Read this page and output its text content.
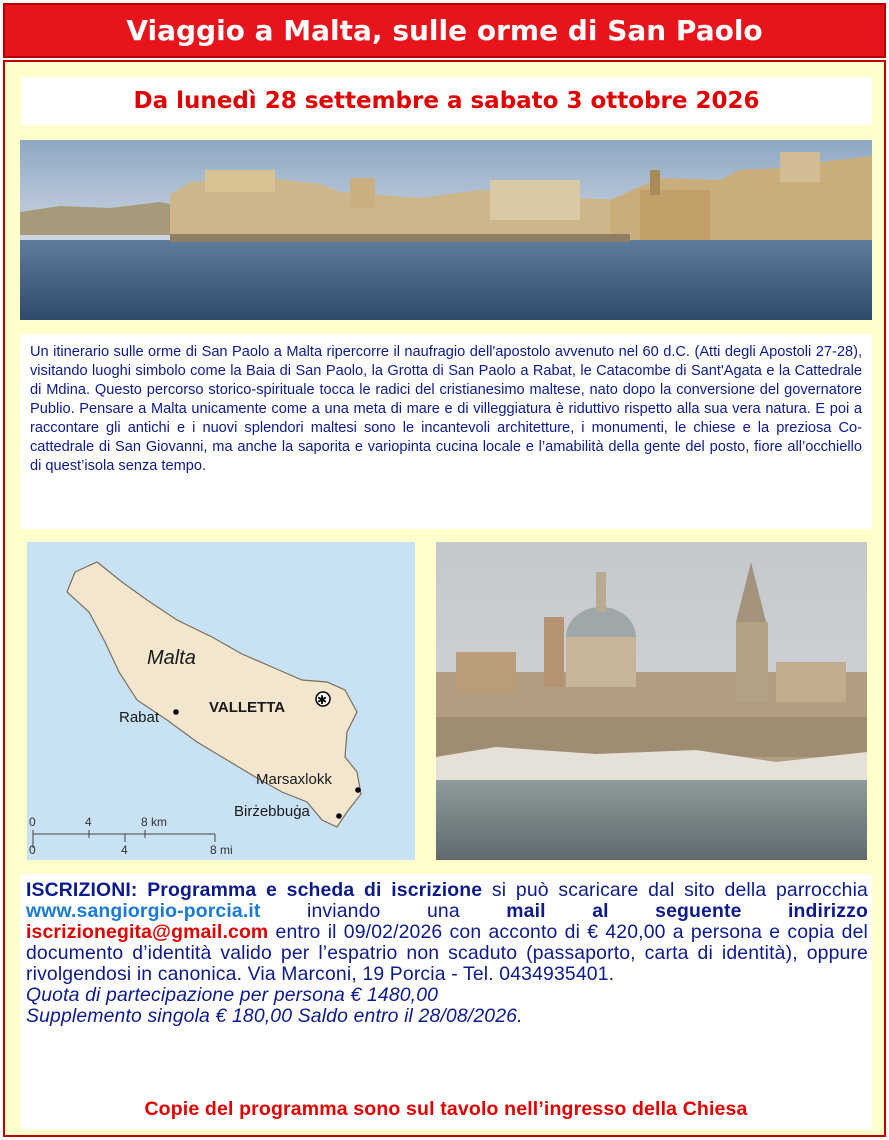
Viaggio a Malta, sulle orme di San Paolo
Da lunedì 28 settembre a sabato 3 ottobre 2026
Un itinerario sulle orme di San Paolo a Malta ripercorre il naufragio dell'apostolo avvenuto nel 60 d.C. (Atti degli Apostoli 27-28), visitando luoghi simbolo come la Baia di San Paolo, la Grotta di San Paolo a Rabat, le Catacombe di Sant'Agata e la Cattedrale di Mdina. Questo percorso storico-spirituale tocca le radici del cristianesimo maltese, nato dopo la conversione del governatore Publio. Pensare a Malta unicamente come a una meta di mare e di villeggiatura è riduttivo rispetto alla sua vera natura. E poi a raccontare gli antichi e i nuovi splendori maltesi sono le incantevoli architetture, i monumenti, le chiese e la preziosa Co-cattedrale di San Giovanni, ma anche la saporita e variopinta cucina locale e l’amabilità della gente del posto, fiore all’occhiello di quest’isola senza tempo.
Malta
Rabat
VALLETTA	✱
Marsaxlokk
Birżebbuġa
0	4	8 km
0	4	8 mi

ISCRIZIONI: Programma e scheda di iscrizione si può scaricare dal sito della parrocchia www.sangiorgio-porcia.it inviando una mail al seguente indirizzo iscrizionegita@gmail.com entro il 09/02/2026 con acconto di € 420,00 a persona e copia del documento d’identità valido per l’espatrio non scaduto (passaporto, carta di identità), oppure rivolgendosi in canonica. Via Marconi, 19 Porcia - Tel. 0434935401.

Quota di partecipazione per persona € 1480,00

Supplemento singola € 180,00 Saldo entro il 28/08/2026.

Copie del programma sono sul tavolo nell’ingresso della Chiesa
